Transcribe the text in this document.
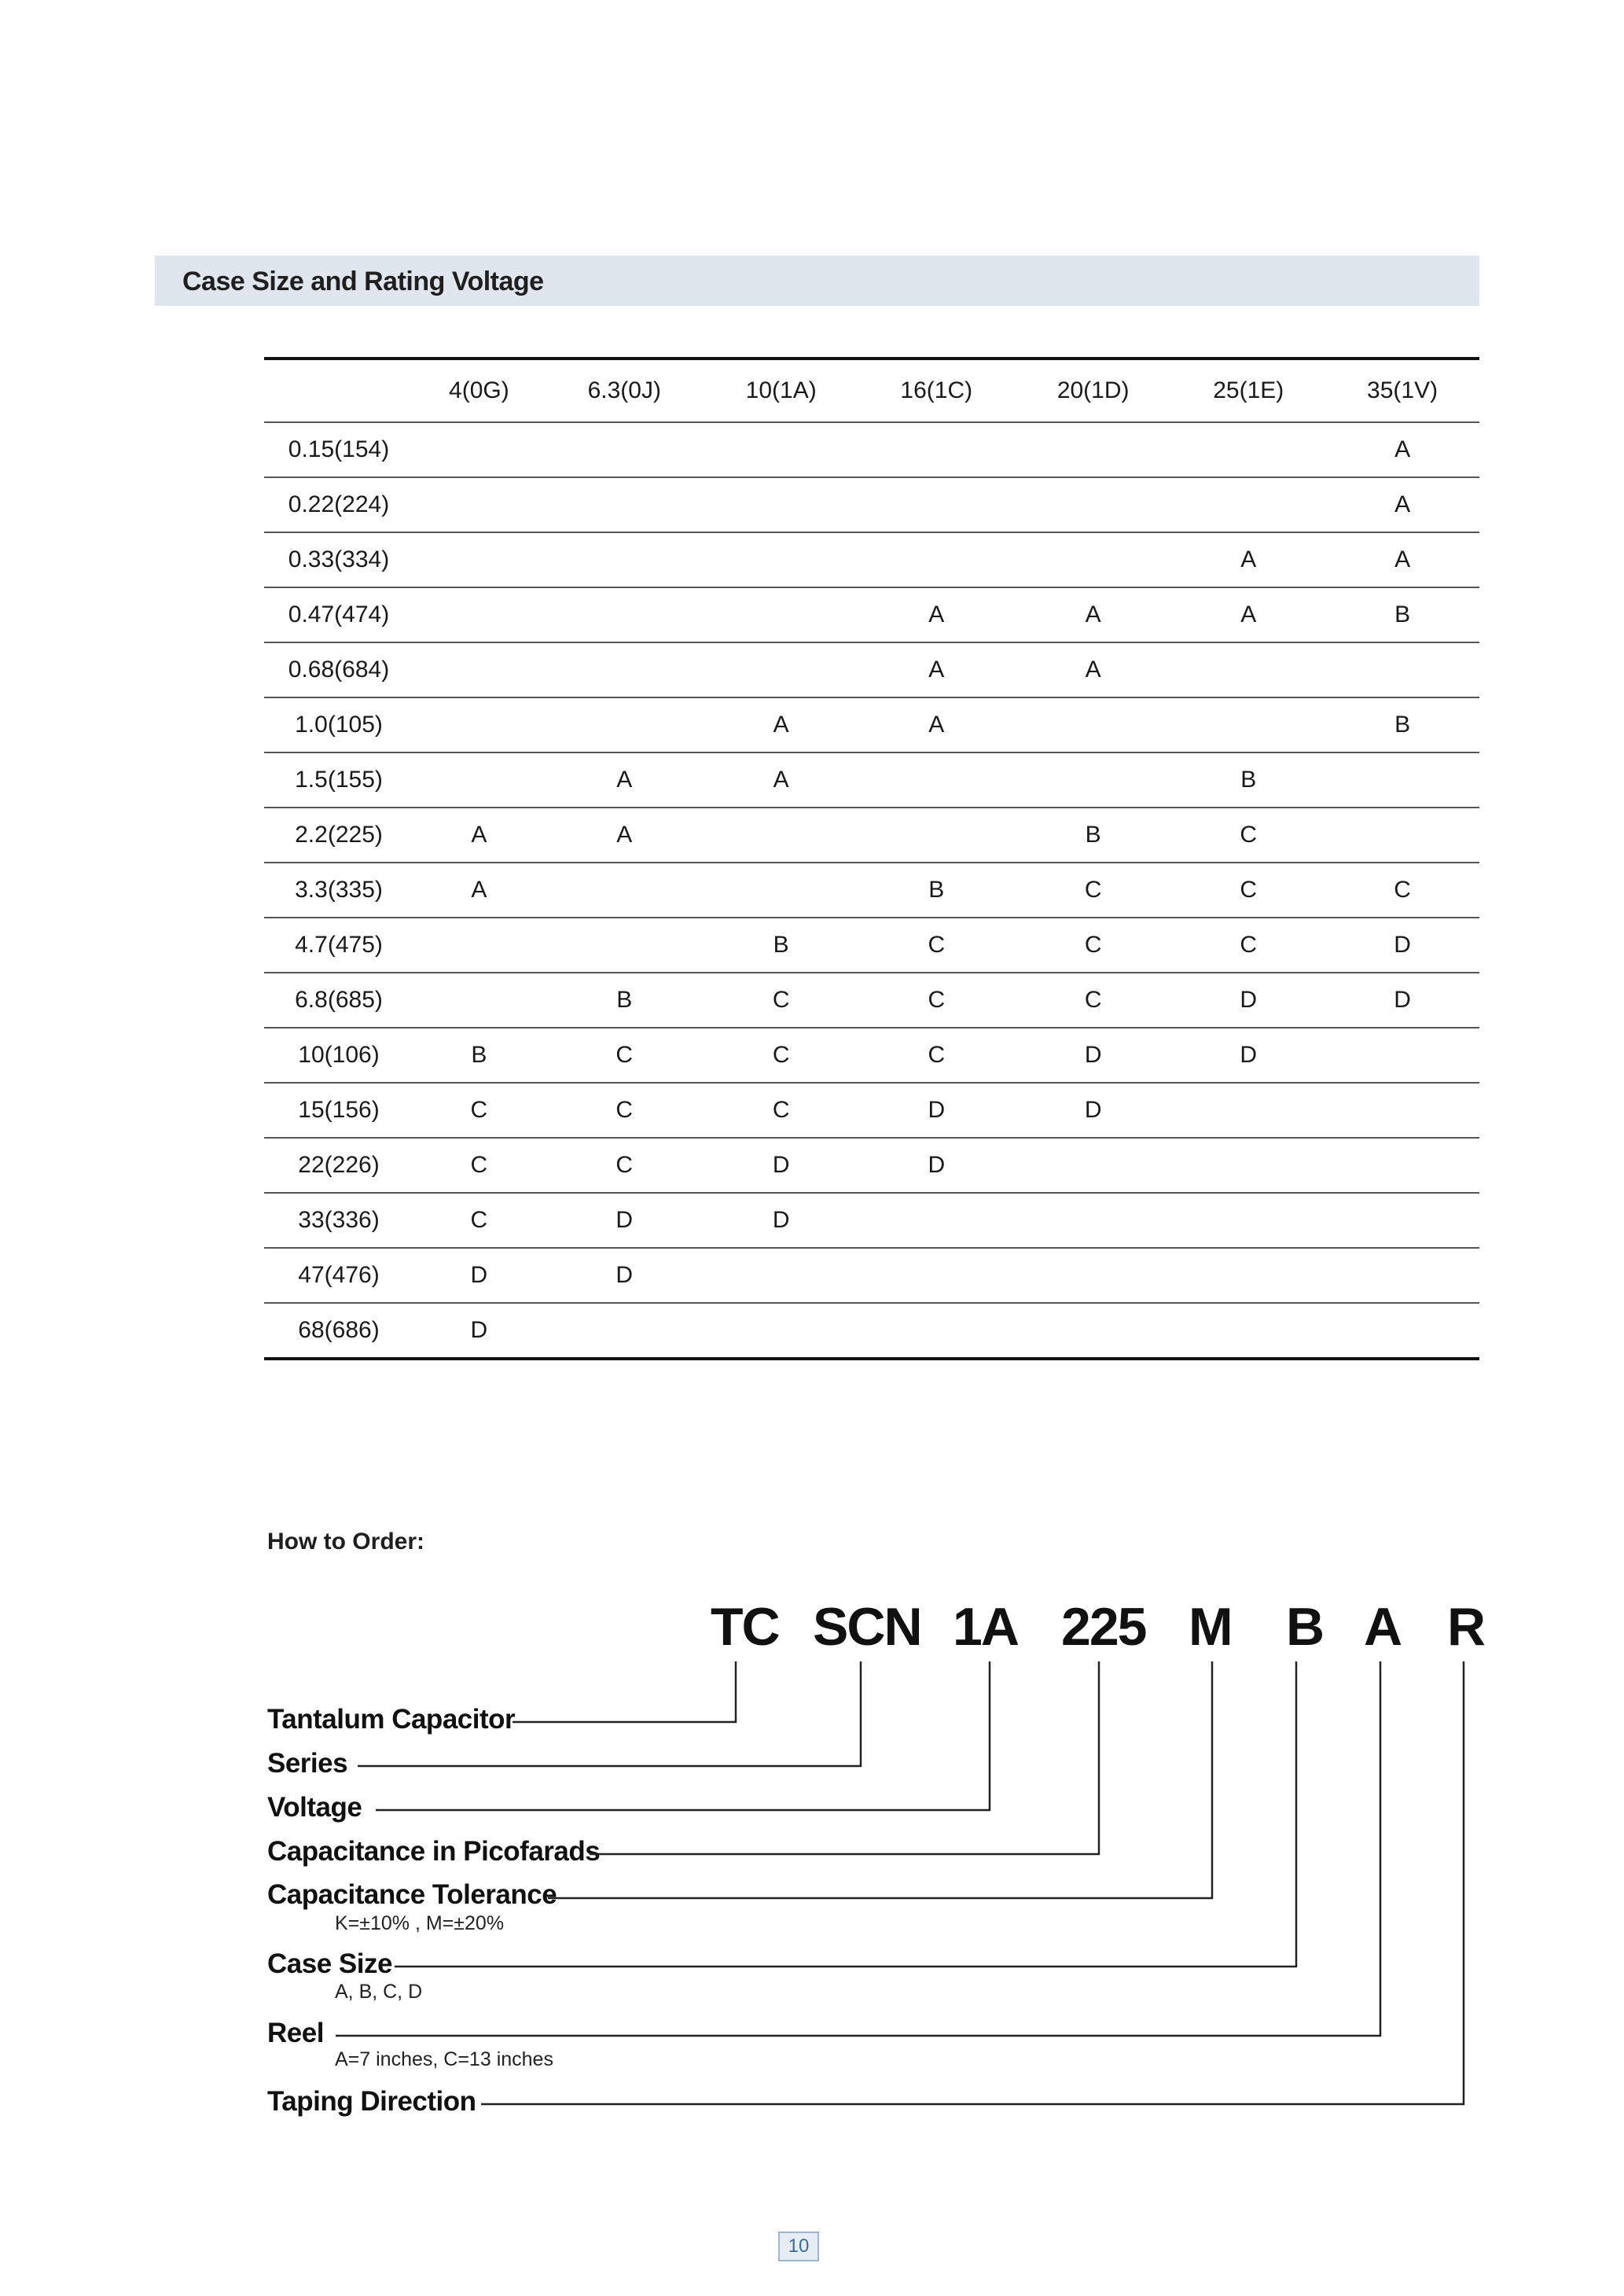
Case Size and Rating Voltage
	4(0G)	6.3(0J)	10(1A)	16(1C)	20(1D)	25(1E)	35(1V)
0.15(154)							A
0.22(224)							A
0.33(334)						A	A
0.47(474)				A	A	A	B
0.68(684)				A	A		
1.0(105)			A	A			B
1.5(155)		A	A			B	
2.2(225)	A	A			B	C	
3.3(335)	A			B	C	C	C
4.7(475)			B	C	C	C	D
6.8(685)		B	C	C	C	D	D
10(106)	B	C	C	C	D	D	
15(156)	C	C	C	D	D		
22(226)	C	C	D	D			
33(336)	C	D	D				
47(476)	D	D					
68(686)	D						
How to Order:
TC SCN 1A 225 M B A R
Tantalum Capacitor
Series
Voltage
Capacitance in Picofarads
Capacitance Tolerance
K=±10% , M=±20%
Case Size
A, B, C, D
Reel
A=7 inches, C=13 inches
Taping Direction
10
